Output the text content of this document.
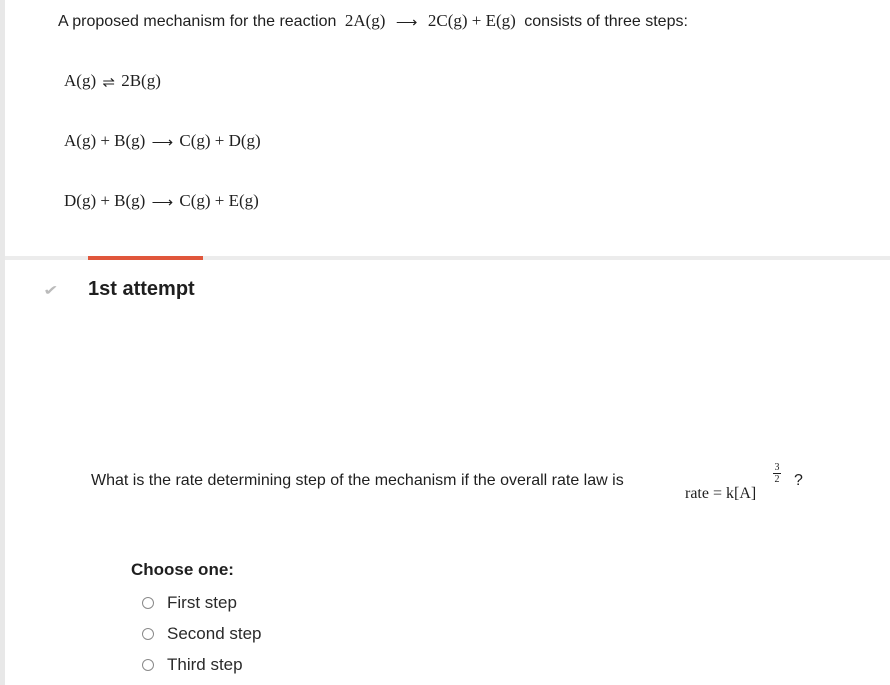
A proposed mechanism for the reaction 2A(g) ⟶ 2C(g) + E(g) consists of three steps:
A(g) ⇌ 2B(g)
A(g) + B(g) ⟶ C(g) + D(g)
D(g) + B(g) ⟶ C(g) + E(g)
✔ 1st attempt
What is the rate determining step of the mechanism if the overall rate law is
rate = k[A]
3
2 ?
Choose one:
First step
Second step
Third step
